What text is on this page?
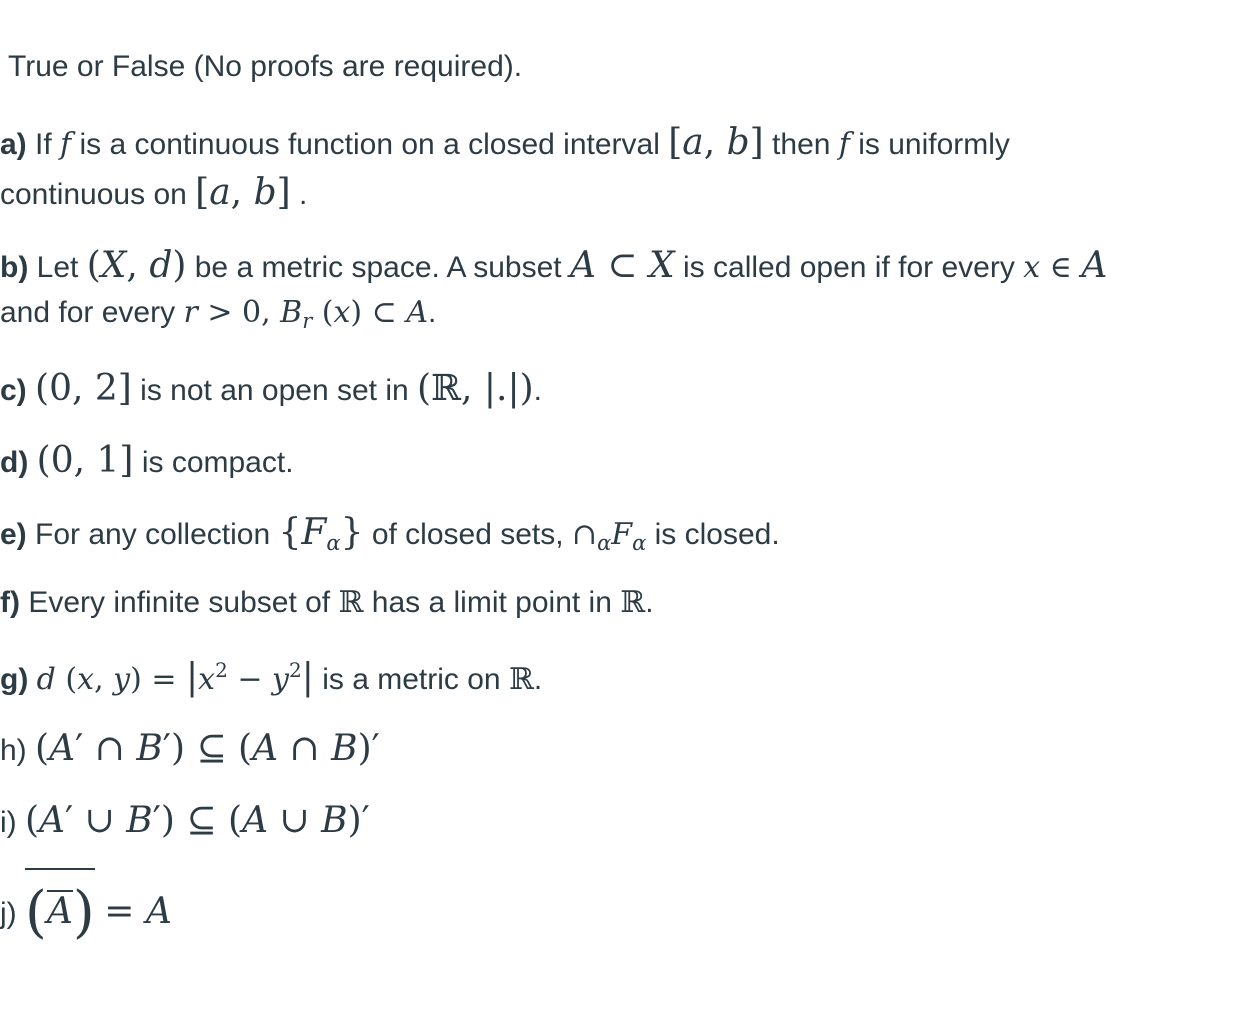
True or False (No proofs are required).
a) If f is a continuous function on a closed interval [a, b] then f is uniformly
continuous on [a, b] .
b) Let (X, d) be a metric space. A subset A ⊂ X is called open if for every x ∈ A
and for every r > 0, $B_r$ (x) ⊂ A.
c) (0, 2] is not an open set in (ℝ, |.|).
d) (0, 1] is compact.
e) For any collection $\{F_\alpha\}$ of closed sets, $\cap_\alpha F_\alpha$ is closed.
f) Every infinite subset of ℝ has a limit point in ℝ.
g) d (x, $y) = |x^2 - y^2|$ is a metric on ℝ.
h) (A′ ∩ B′) ⊆ (A ∩ B)′
i) (A′ ∪ B′) ⊆ (A ∪ B)′
j) (A) = A
